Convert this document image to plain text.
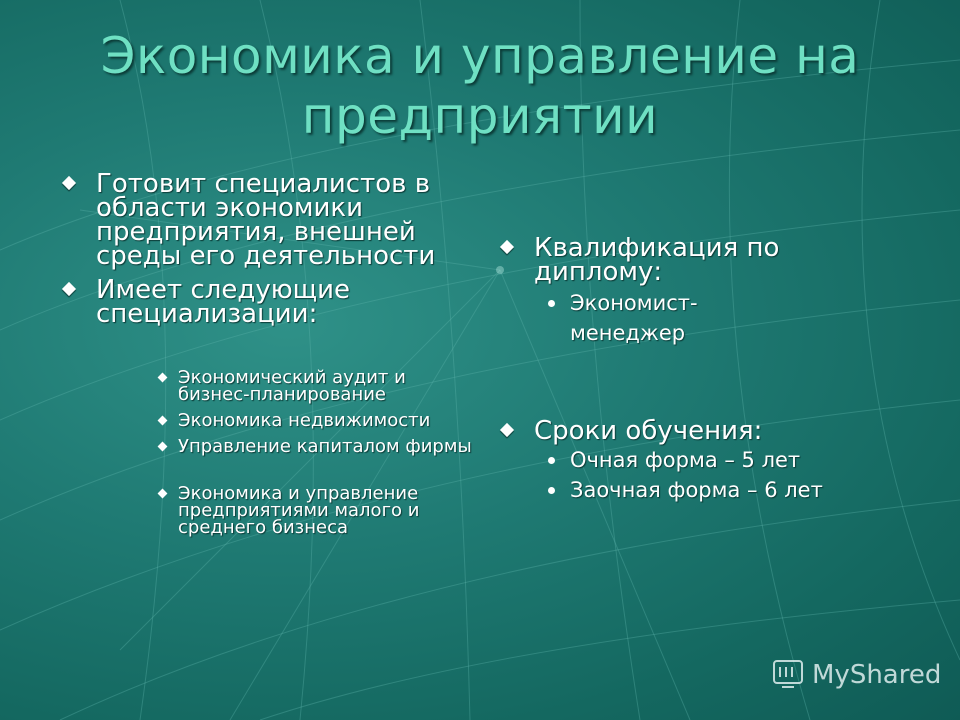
Экономика и управление на предприятии
Готовит специалистов в области экономики предприятия, внешней среды его деятельности
Имеет следующие специализации:
Экономический аудит и бизнес-планирование
Экономика недвижимости
Управление капиталом фирмы
Экономика и управление предприятиями малого и среднего бизнеса
Квалификация по диплому:
Экономист-менеджер
Сроки обучения:
Очная форма – 5 лет
Заочная форма – 6 лет
MyShared
